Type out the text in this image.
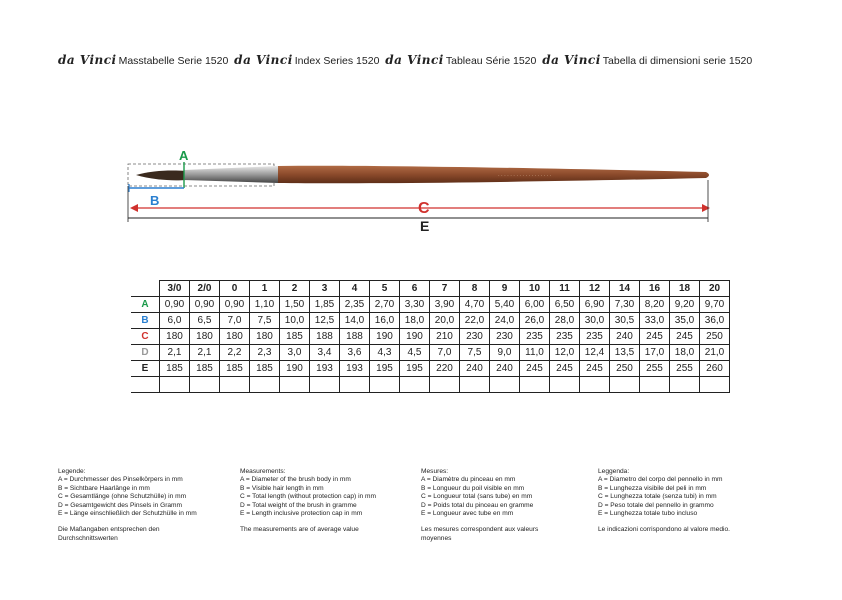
da Vinci Masstabelle Serie 1520 da Vinci Index Series 1520 da Vinci Tableau Série 1520 da Vinci Tabella di dimensioni serie 1520
· · · · · · · · · · · · · · · · · ·
A
B	C
E
	3/0	2/0	0	1	2	3	4	5	6	7	8	9	10	11	12	14	16	18	20
A	0,90	0,90	0,90	1,10	1,50	1,85	2,35	2,70	3,30	3,90	4,70	5,40	6,00	6,50	6,90	7,30	8,20	9,20	9,70
B	6,0	6,5	7,0	7,5	10,0	12,5	14,0	16,0	18,0	20,0	22,0	24,0	26,0	28,0	30,0	30,5	33,0	35,0	36,0
C	180	180	180	180	185	188	188	190	190	210	230	230	235	235	235	240	245	245	250
D	2,1	2,1	2,2	2,3	3,0	3,4	3,6	4,3	4,5	7,0	7,5	9,0	11,0	12,0	12,4	13,5	17,0	18,0	21,0
E	185	185	185	185	190	193	193	195	195	220	240	240	245	245	245	250	255	255	260

Legende:
A = Durchmesser des Pinselkörpers in mm
B = Sichtbare Haarlänge in mm
C = Gesamtlänge (ohne Schutzhülle) in mm
D = Gesamtgewicht des Pinsels in Gramm
E = Länge einschließlich der Schutzhülle in mm
Die Maßangaben entsprechen den
Durchschnittswerten
Measurements:
A = Diameter of the brush body in mm
B = Visible hair length in mm
C = Total length (without protection cap) in mm
D = Total weight of the brush in gramme
E = Length inclusive protection cap in mm
The measurements are of average value
Mesures:
A = Diamètre du pinceau en mm
B = Longueur du poil visible en mm
C = Longueur total (sans tube) en mm
D = Poids total du pinceau en gramme
E = Longueur avec tube en mm
Les mesures correspondent aux valeurs
moyennes
Leggenda:
A = Diametro del corpo del pennello in mm
B = Lunghezza visibile del peli in mm
C = Lunghezza totale (senza tubi) in mm
D = Peso totale del pennello in grammo
E = Lunghezza totale tubo incluso
Le indicazioni corrispondono al valore medio.
